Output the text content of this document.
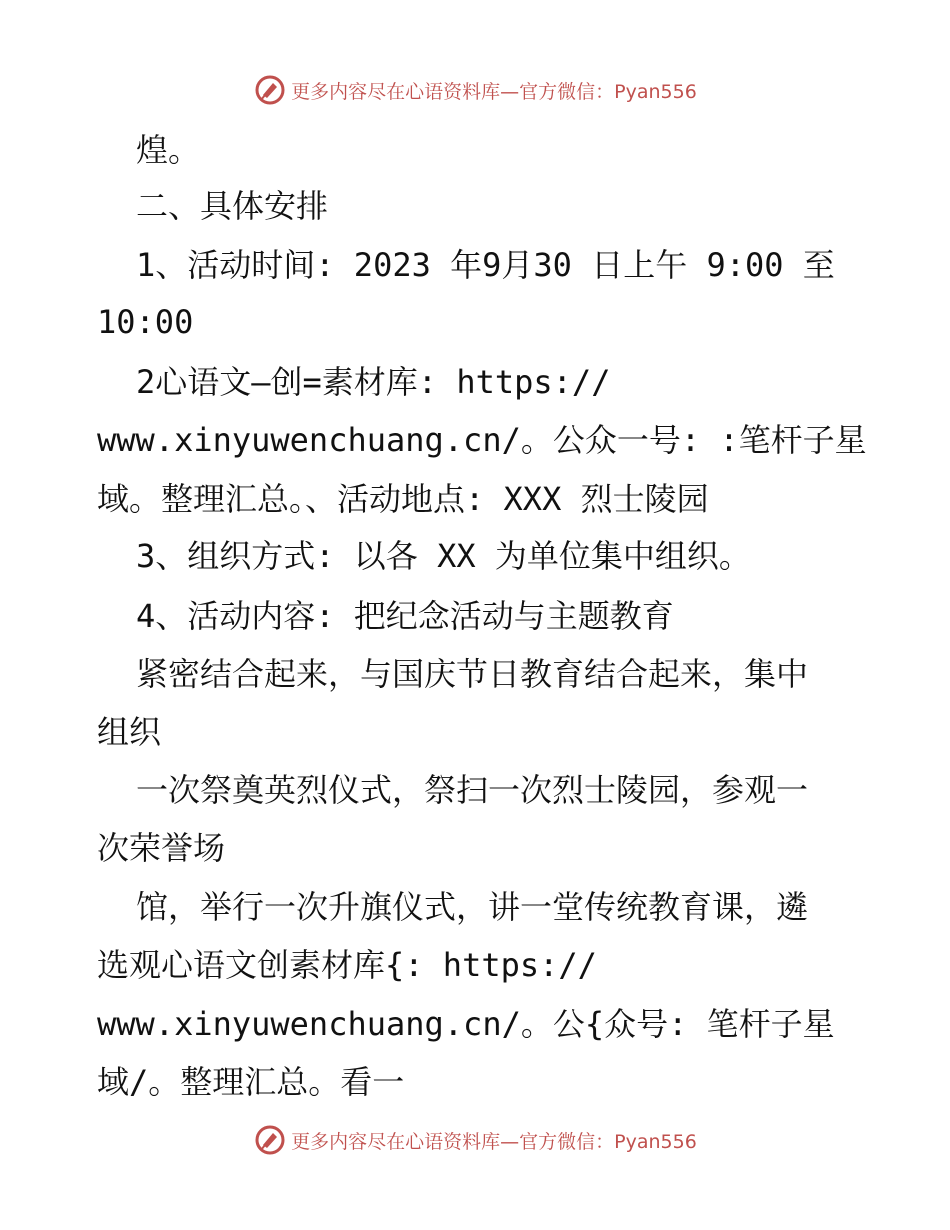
更多内容尽在心语资料库—官方微信：Pyan556
煌。
二、具体安排
1、活动时间: 2023 年9月30 日上午 9:00 至
10:00
2心语文—创=素材库: https://
www.xinyuwenchuang.cn/。公众一号: :笔杆子星
域。整理汇总。、活动地点: XXX 烈士陵园
3、组织方式: 以各 XX 为单位集中组织。
4、活动内容: 把纪念活动与主题教育
紧密结合起来，与国庆节日教育结合起来，集中
组织
一次祭奠英烈仪式，祭扫一次烈士陵园，参观一
次荣誉场
馆，举行一次升旗仪式，讲一堂传统教育课，遴
选观心语文创素材库{: https://
www.xinyuwenchuang.cn/。公{众号: 笔杆子星
域/。整理汇总。看一
更多内容尽在心语资料库—官方微信：Pyan556
